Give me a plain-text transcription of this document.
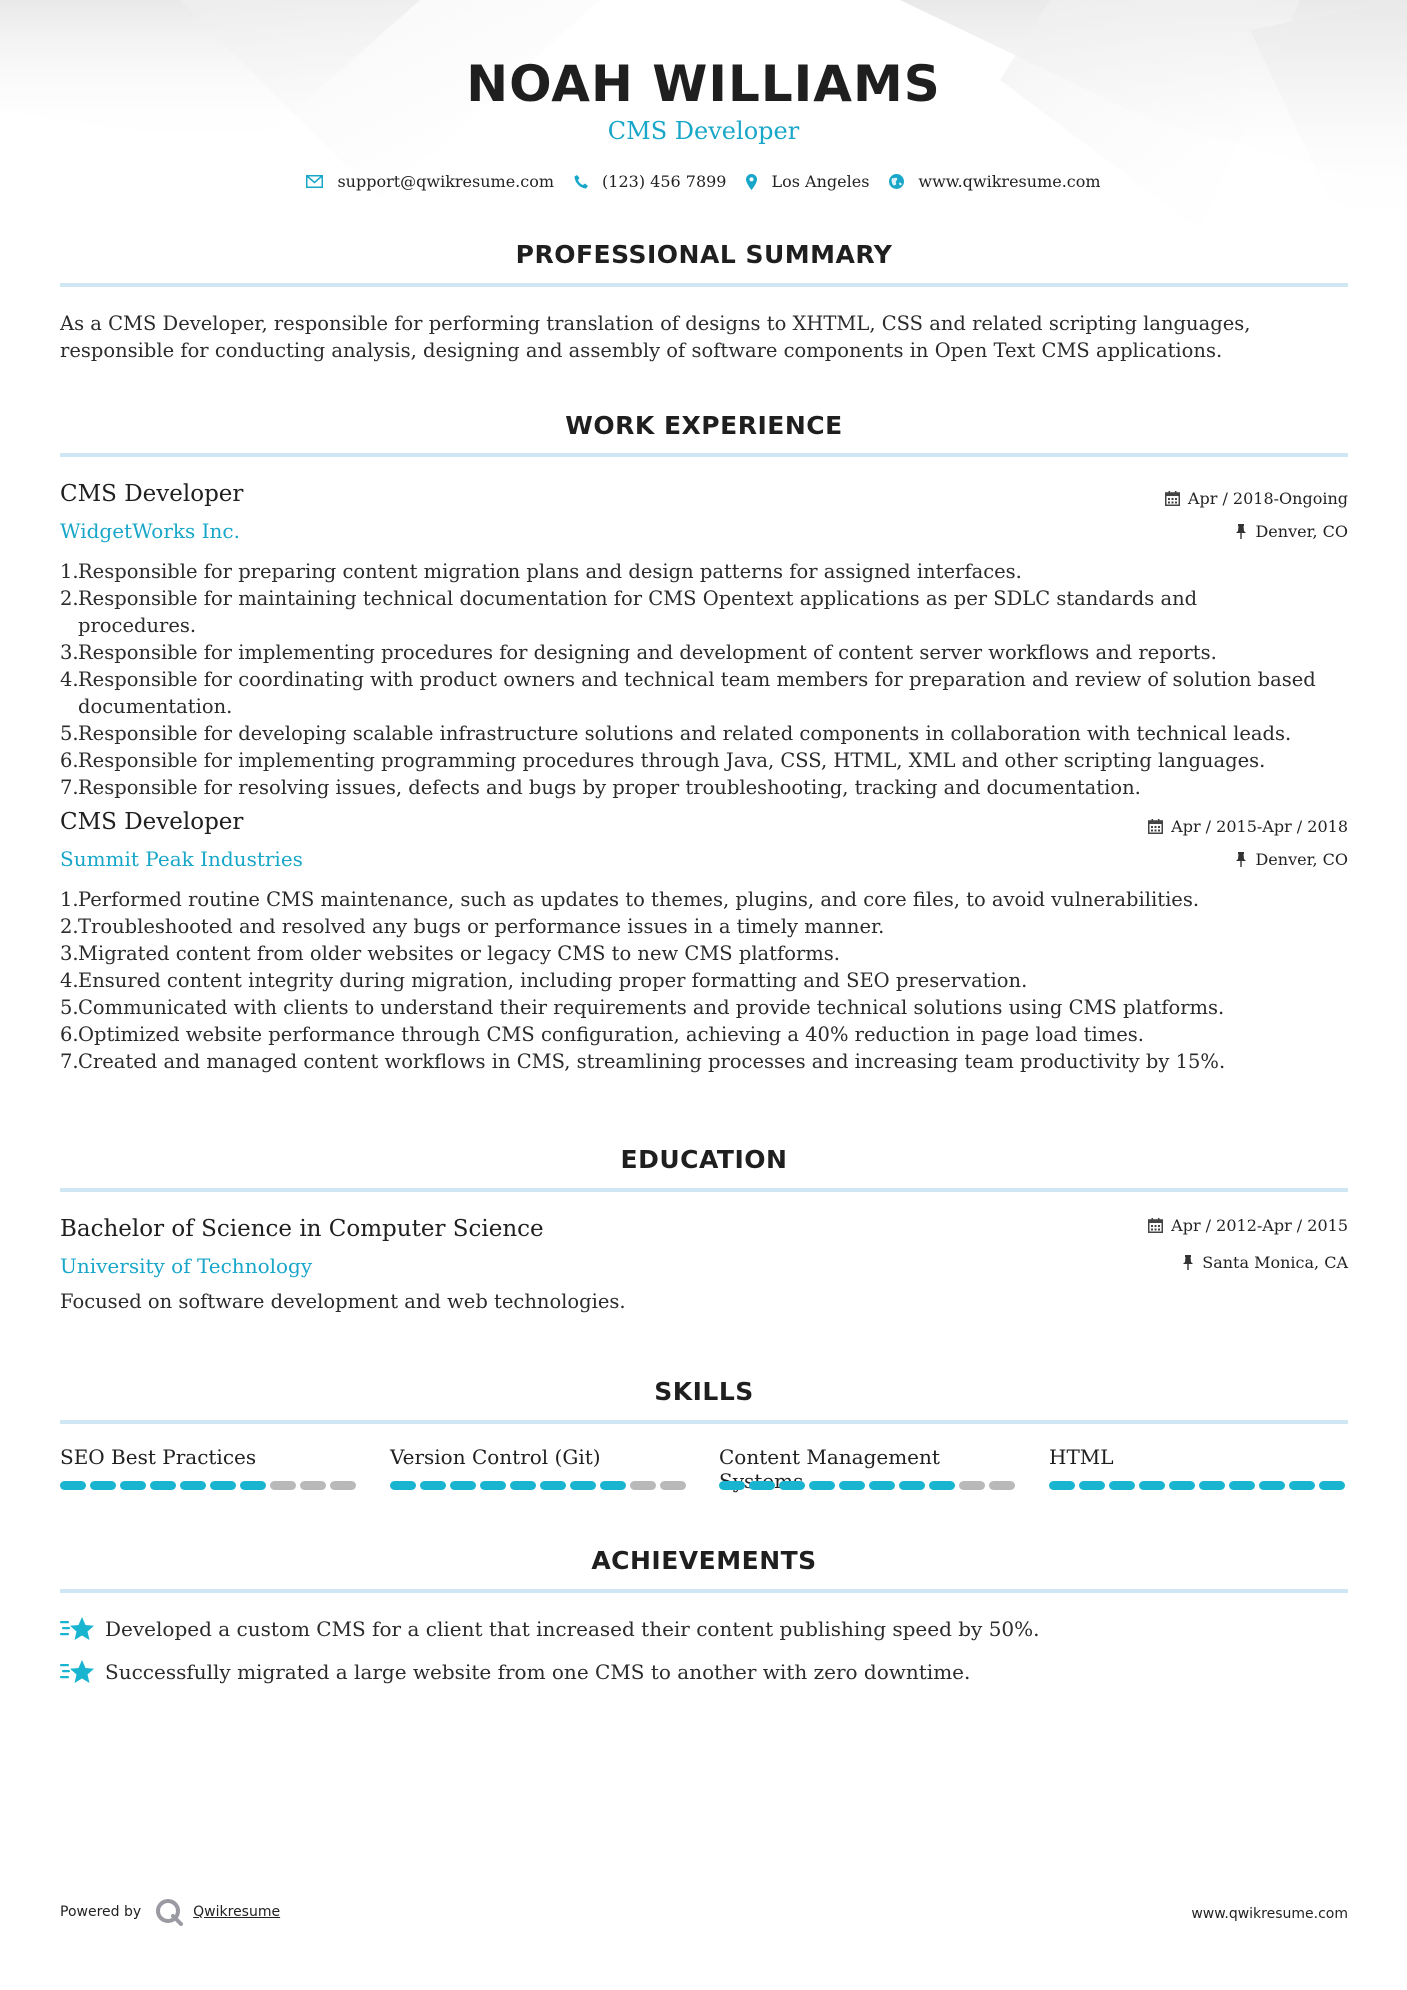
NOAH WILLIAMS
CMS Developer
support@qwikresume.com	(123) 456 7899	Los Angeles	www.qwikresume.com
PROFESSIONAL SUMMARY
As a CMS Developer, responsible for performing translation of designs to XHTML, CSS and related scripting languages, responsible for conducting analysis, designing and assembly of software components in Open Text CMS applications.
WORK EXPERIENCE
CMS Developer
WidgetWorks Inc.
Apr / 2018-Ongoing
Denver, CO
1. Responsible for preparing content migration plans and design patterns for assigned interfaces.
2. Responsible for maintaining technical documentation for CMS Opentext applications as per SDLC standards and procedures.
3. Responsible for implementing procedures for designing and development of content server workflows and reports.
4. Responsible for coordinating with product owners and technical team members for preparation and review of solution based documentation.
5. Responsible for developing scalable infrastructure solutions and related components in collaboration with technical leads.
6. Responsible for implementing programming procedures through Java, CSS, HTML, XML and other scripting languages.
7. Responsible for resolving issues, defects and bugs by proper troubleshooting, tracking and documentation.
CMS Developer
Summit Peak Industries
Apr / 2015-Apr / 2018
Denver, CO
1. Performed routine CMS maintenance, such as updates to themes, plugins, and core files, to avoid vulnerabilities.
2. Troubleshooted and resolved any bugs or performance issues in a timely manner.
3. Migrated content from older websites or legacy CMS to new CMS platforms.
4. Ensured content integrity during migration, including proper formatting and SEO preservation.
5. Communicated with clients to understand their requirements and provide technical solutions using CMS platforms.
6. Optimized website performance through CMS configuration, achieving a 40% reduction in page load times.
7. Created and managed content workflows in CMS, streamlining processes and increasing team productivity by 15%.
EDUCATION
Bachelor of Science in Computer Science
University of Technology
Apr / 2012-Apr / 2015
Santa Monica, CA
Focused on software development and web technologies.
SKILLS
SEO Best Practices	Version Control (Git)	Content Management	HTML
ACHIEVEMENTS
Developed a custom CMS for a client that increased their content publishing speed by 50%.
Successfully migrated a large website from one CMS to another with zero downtime.
Powered by	Qwikresume	www.qwikresume.com
